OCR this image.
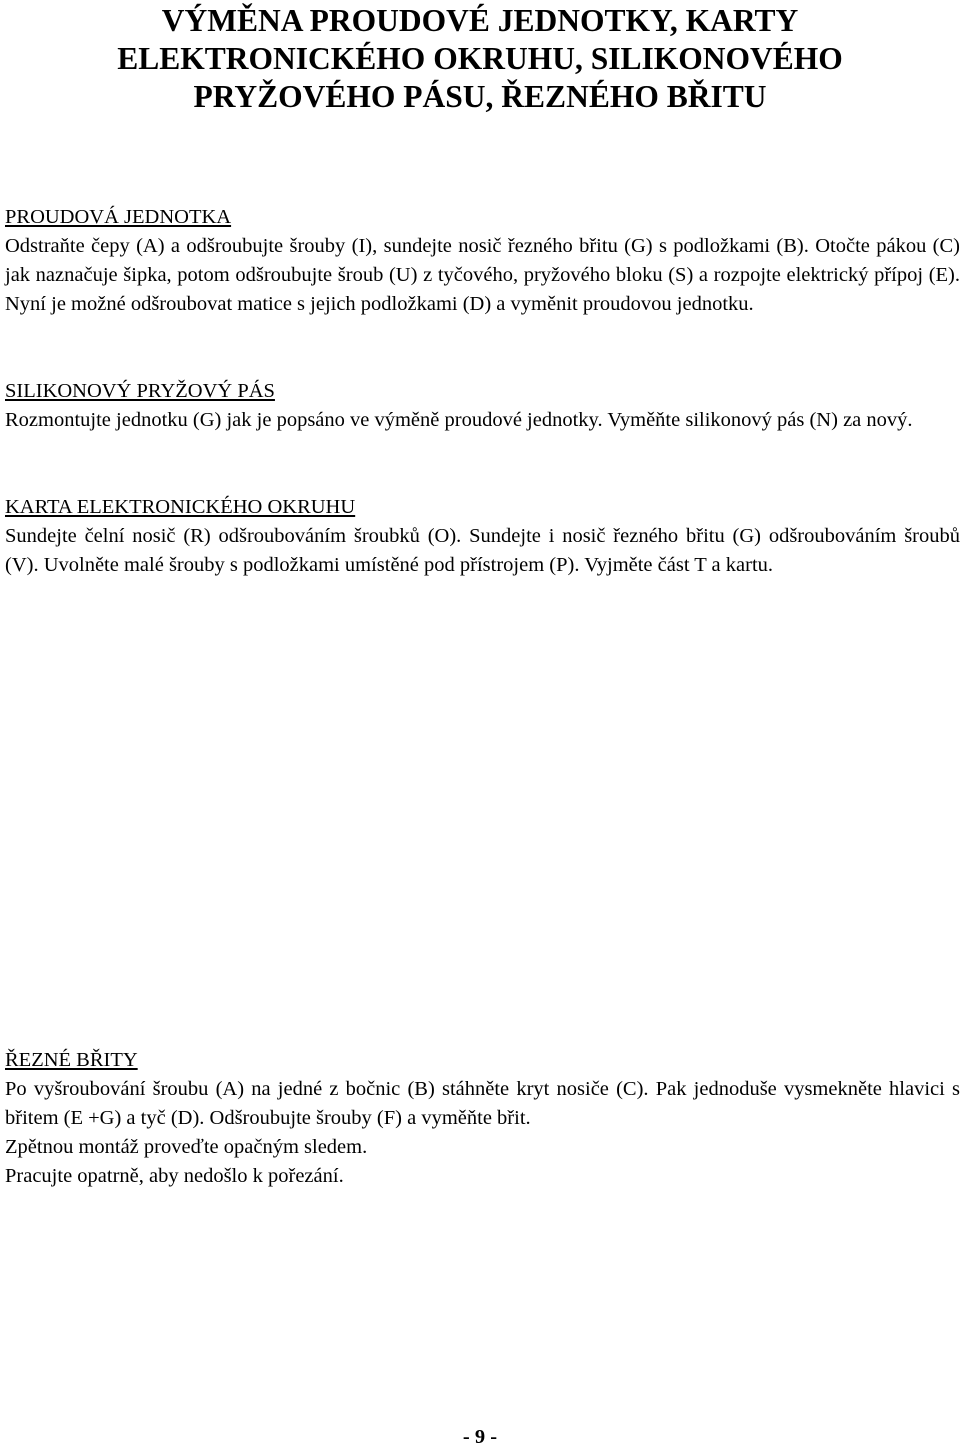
VÝMĚNA PROUDOVÉ JEDNOTKY, KARTY
ELEKTRONICKÉHO OKRUHU, SILIKONOVÉHO
PRYŽOVÉHO PÁSU, ŘEZNÉHO BŘITU
PROUDOVÁ JEDNOTKA

Odstraňte čepy (A) a odšroubujte šrouby (I), sundejte nosič řezného břitu (G) s podložkami (B). Otočte pákou (C) jak naznačuje šipka, potom odšroubujte šroub (U) z tyčového, pryžového bloku (S) a rozpojte elektrický přípoj (E). Nyní je možné odšroubovat matice s jejich podložkami (D) a vyměnit proudovou jednotku.

SILIKONOVÝ PRYŽOVÝ PÁS

Rozmontujte jednotku (G) jak je popsáno ve výměně proudové jednotky. Vyměňte silikonový pás (N) za nový.

KARTA ELEKTRONICKÉHO OKRUHU

Sundejte čelní nosič (R) odšroubováním šroubků (O). Sundejte i nosič řezného břitu (G) odšroubováním šroubů (V). Uvolněte malé šrouby s podložkami umístěné pod přístrojem (P). Vyjměte část T a kartu.

ŘEZNÉ BŘITY

Po vyšroubování šroubu (A) na jedné z bočnic (B) stáhněte kryt nosiče (C). Pak jednoduše vysmekněte hlavici s břitem (E +G) a tyč (D). Odšroubujte šrouby (F) a vyměňte břit.

Zpětnou montáž proveďte opačným sledem.

Pracujte opatrně, aby nedošlo k pořezání.

- 9 -
